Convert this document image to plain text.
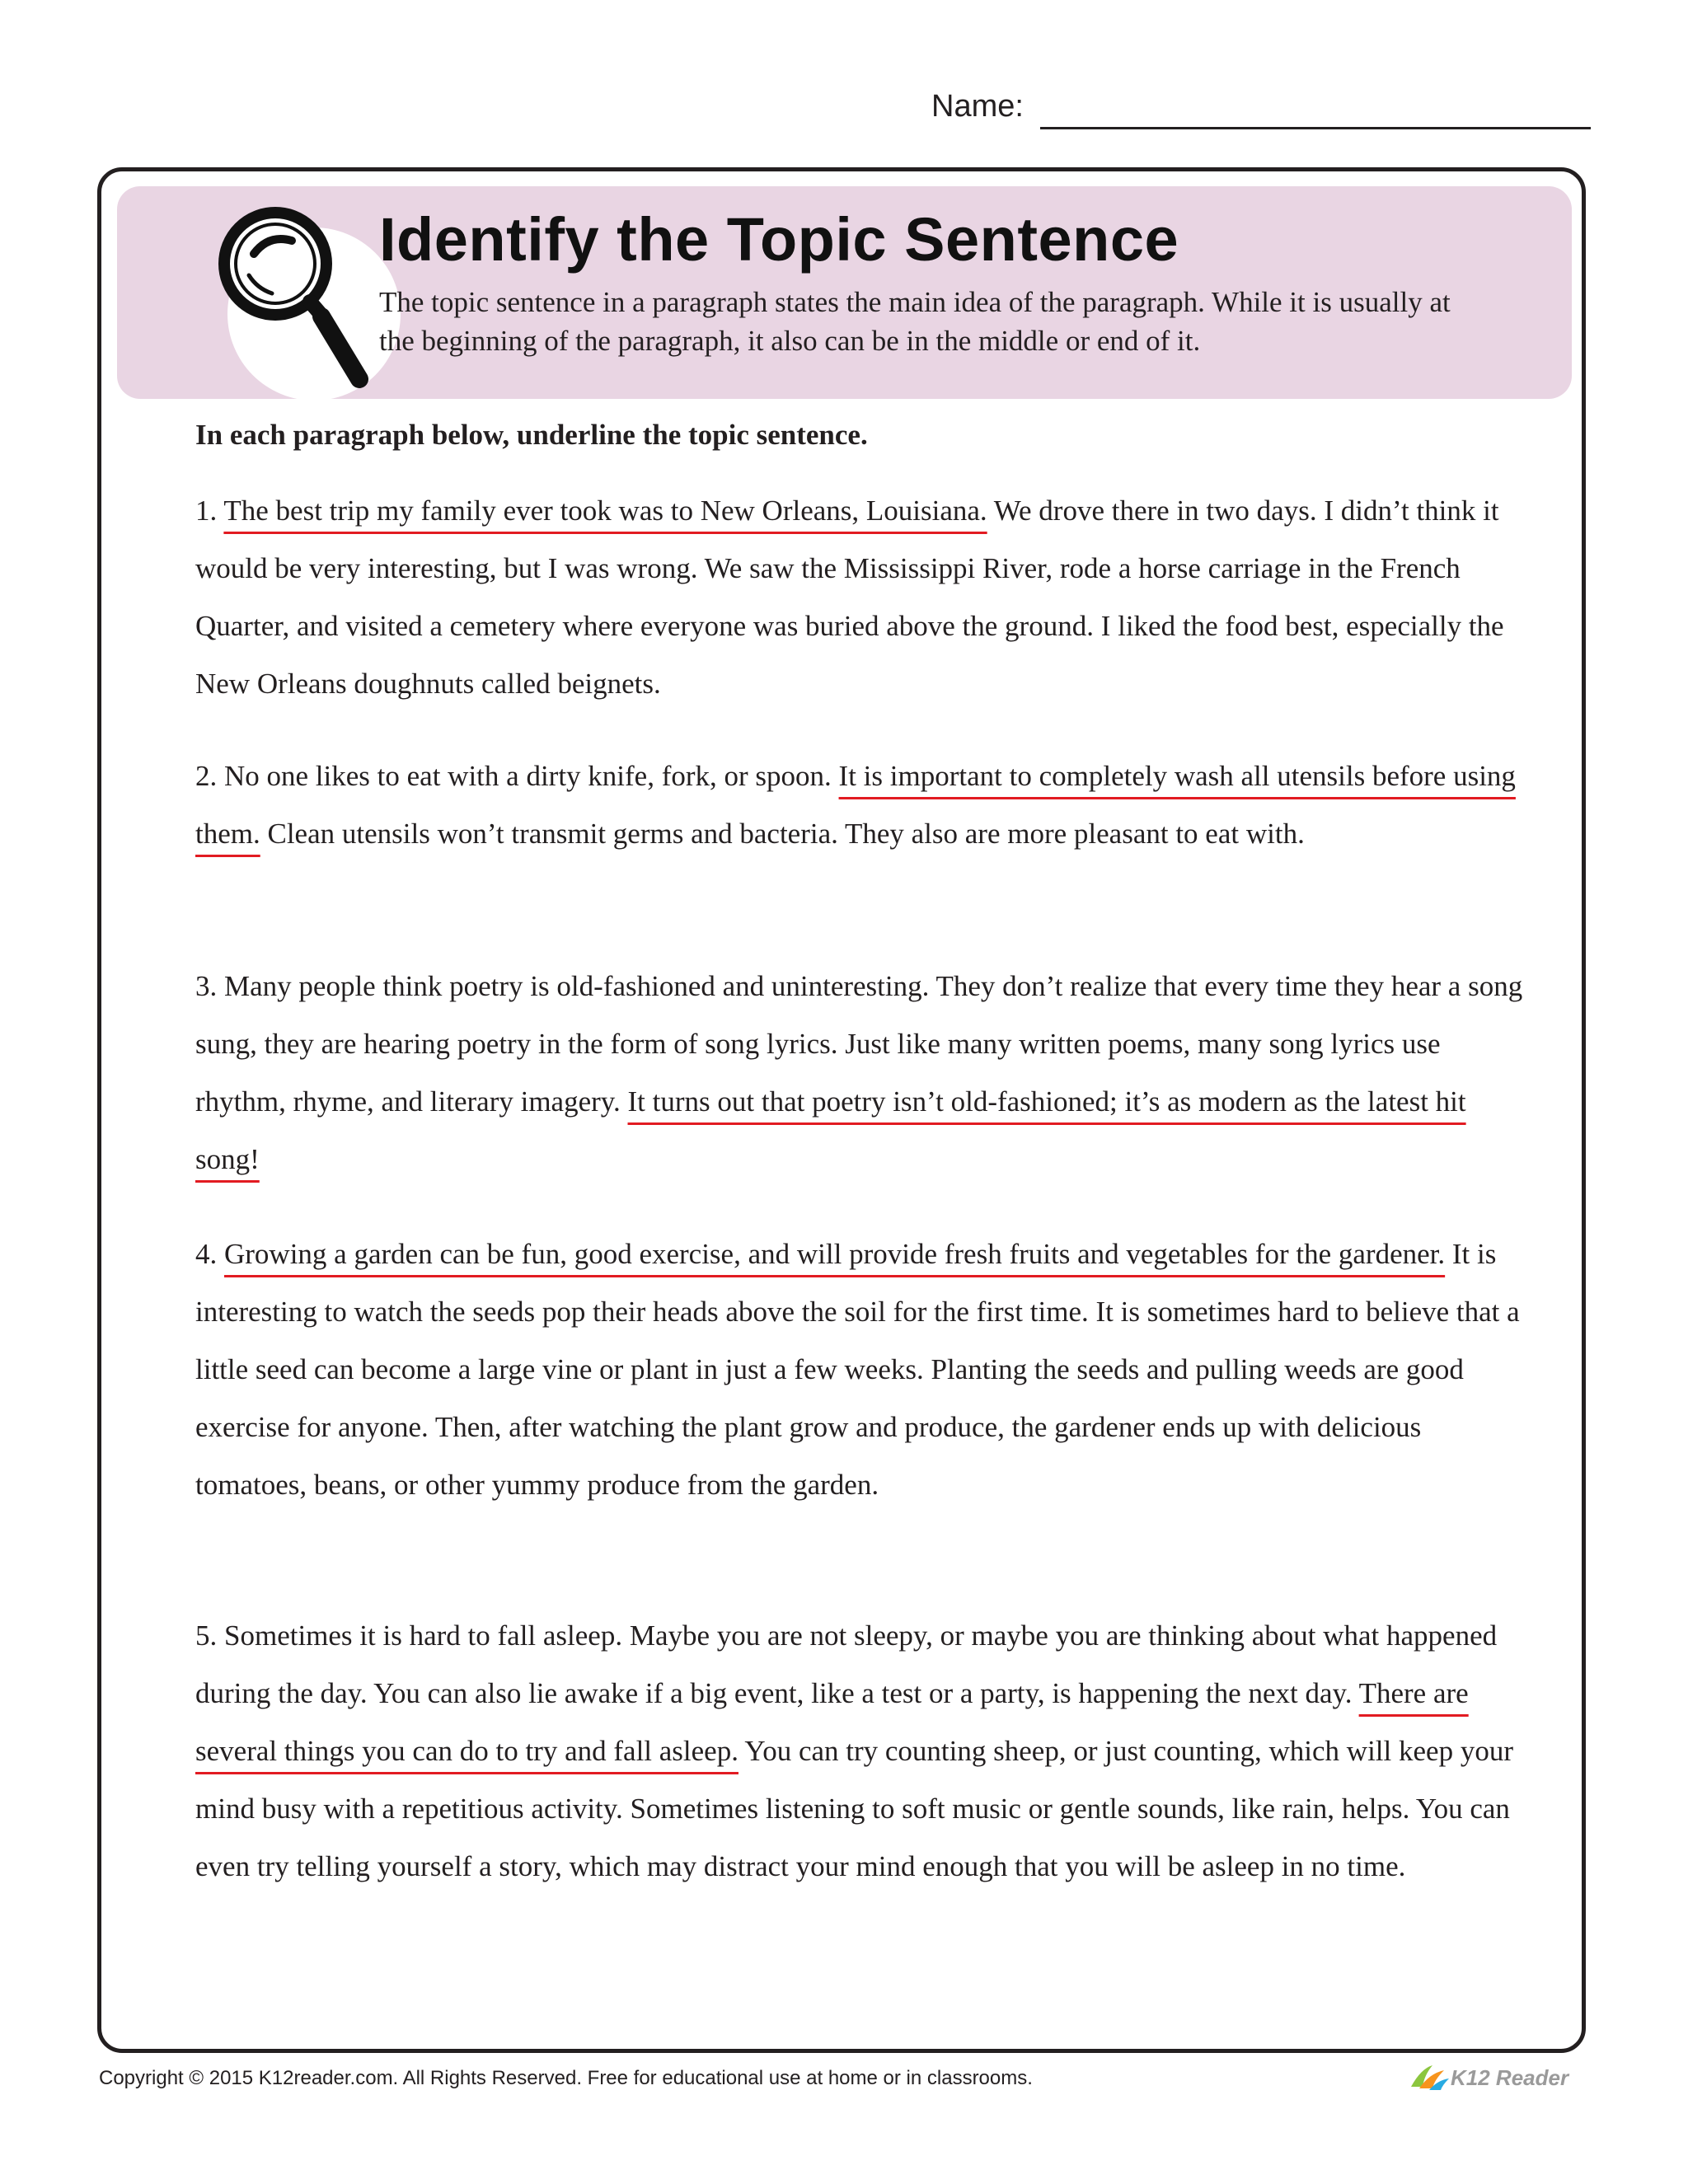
Name:
Identify the Topic Sentence
The topic sentence in a paragraph states the main idea of the paragraph. While it is usually at the beginning of the paragraph, it also can be in the middle or end of it.
In each paragraph below, underline the topic sentence.

1. The best trip my family ever took was to New Orleans, Louisiana. We drove there in two days. I didn’t think it would be very interesting, but I was wrong. We saw the Mississippi River, rode a horse carriage in the French Quarter, and visited a cemetery where everyone was buried above the ground. I liked the food best, especially the New Orleans doughnuts called beignets.

2. No one likes to eat with a dirty knife, fork, or spoon. It is important to completely wash all utensils before using them. Clean utensils won’t transmit germs and bacteria. They also are more pleasant to eat with.

3. Many people think poetry is old-fashioned and uninteresting. They don’t realize that every time they hear a song sung, they are hearing poetry in the form of song lyrics. Just like many written poems, many song lyrics use rhythm, rhyme, and literary imagery. It turns out that poetry isn’t old-fashioned; it’s as modern as the latest hit song!

4. Growing a garden can be fun, good exercise, and will provide fresh fruits and vegetables for the gardener. It is interesting to watch the seeds pop their heads above the soil for the first time. It is sometimes hard to believe that a little seed can become a large vine or plant in just a few weeks. Planting the seeds and pulling weeds are good exercise for anyone. Then, after watching the plant grow and produce, the gardener ends up with delicious tomatoes, beans, or other yummy produce from the garden.

5. Sometimes it is hard to fall asleep. Maybe you are not sleepy, or maybe you are thinking about what happened during the day. You can also lie awake if a big event, like a test or a party, is happening the next day. There are several things you can do to try and fall asleep. You can try counting sheep, or just counting, which will keep your mind busy with a repetitious activity. Sometimes listening to soft music or gentle sounds, like rain, helps. You can even try telling yourself a story, which may distract your mind enough that you will be asleep in no time.

Copyright © 2015 K12reader.com. All Rights Reserved. Free for educational use at home or in classrooms.	K12 Reader
